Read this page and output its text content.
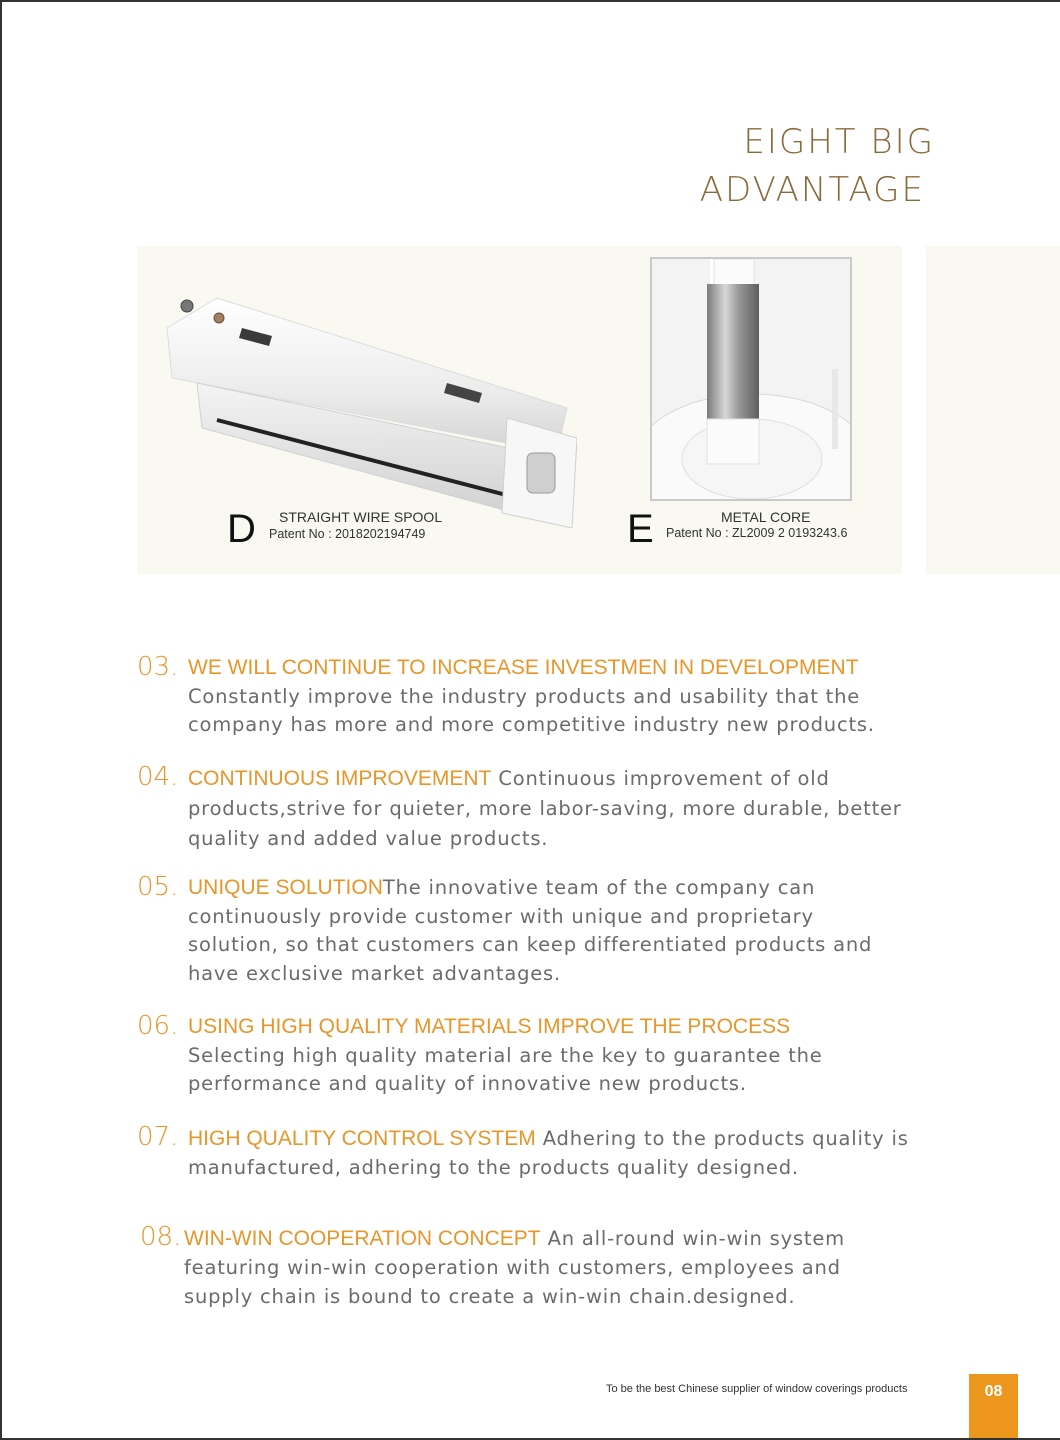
EIGHT BIG
ADVANTAGE
D STRAIGHT WIRE SPOOL
Patent No : 2018202194749	E	METAL CORE
Patent No : ZL2009 2 0193243.6
03. WE WILL CONTINUE TO INCREASE INVESTMEN IN DEVELOPMENT
Constantly improve the industry products and usability that the
company has more and more competitive industry new products.
04. CONTINUOUS IMPROVEMENT Continuous improvement of old
products,strive for quieter, more labor-saving, more durable, better
quality and added value products.
05. UNIQUE SOLUTIONThe innovative team of the company can
continuously provide customer with unique and proprietary
solution, so that customers can keep differentiated products and
have exclusive market advantages.
06. USING HIGH QUALITY MATERIALS IMPROVE THE PROCESS
Selecting high quality material are the key to guarantee the
performance and quality of innovative new products.
07. HIGH QUALITY CONTROL SYSTEM Adhering to the products quality is
manufactured, adhering to the products quality designed.
08. WIN-WIN COOPERATION CONCEPT An all-round win-win system
featuring win-win cooperation with customers, employees and
supply chain is bound to create a win-win chain.designed.
To be the best Chinese supplier of window coverings products	08
